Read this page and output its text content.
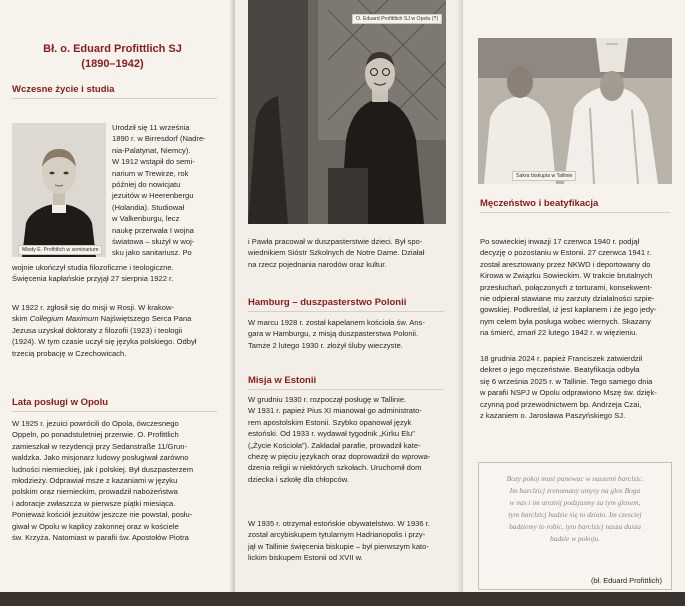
Bł. o. Eduard Profittlich SJ
(1890–1942)
Wczesne życie i studia
Młody E. Profittlich w seminarium
Urodził się 11 września
1890 r. w Birresdorf (Nadre-
nia-Palatynat, Niemcy).
W 1912 wstąpił do semi-
narium w Trewirze, rok
później do nowicjatu
jezuitów w Heerenbergu
(Holandia). Studiował
w Valkenburgu, lecz
naukę przerwała I wojna
światowa – służył w woj-
sku jako sanitariusz. Po
wojnie ukończył studia filozoficzne i teologiczne.
Święcenia kapłańskie przyjął 27 sierpnia 1922 r.
W 1922 r. zgłosił się do misji w Rosji. W krakow-
skim Collegium Maximum Najświętszego Serca Pana
Jezusa uzyskał doktoraty z filozofii (1923) i teologii
(1924). W tym czasie uczył się języka polskiego. Odbył
trzecią probację w Czechowicach.
Lata posługi w Opolu
W 1925 r. jezuici powrócili do Opola, ówczesnego
Oppeln, po ponadstuletniej przerwie. O. Profittlich
zamieszkał w rezydencji przy Sedanstraße 11/Grun-
waldzka. Jako misjonarz ludowy posługiwał zarówno
ludności niemieckiej, jak i polskiej. Był duszpasterzem
młodzieży. Odprawiał msze z kazaniami w języku
polskim oraz niemieckim, prowadził nabożeństwa
i adoracje zwłaszcza w pierwsze piątki miesiąca.
Ponieważ kościół jezuitów jeszcze nie powstał, posłu-
giwał w Opolu w kaplicy zakonnej oraz w kościele
św. Krzyża. Natomiast w parafii św. Apostołów Piotra
O. Eduard Profittlich SJ w Opolu (?)
i Pawła pracował w duszpasterstwie dzieci. Był spo-
wiednikiem Sióstr Szkolnych de Notre Dame. Działał
na rzecz pojednania narodów oraz kultur.
Hamburg – duszpasterstwo Polonii
W marcu 1928 r. został kapelanem kościoła św. Ans-
gara w Hamburgu, z misją duszpasterstwa Polonii.
Tamże 2 lutego 1930 r. złożył śluby wieczyste.
Misja w Estonii
W grudniu 1930 r. rozpoczął posługę w Tallinie.
W 1931 r. papież Pius XI mianował go administrato-
rem apostolskim Estonii. Szybko opanował język
estoński. Od 1933 r. wydawał tygodnik „Kirku Elu”
(„Życie Kościoła”). Zakładał parafie, prowadził kate-
chezę w pięciu językach oraz doprowadził do wprowa-
dzenia religii w niektórych szkołach. Uruchomił dom
dziecka i szkołę dla chłopców.
W 1935 r. otrzymał estońskie obywatelstwo. W 1936 r.
został arcybiskupem tytularnym Hadrianopolis i przy-
jął w Tallinie święcenia biskupie – był pierwszym kato-
lickim biskupem Estonii od XVII w.
Sakra biskupia w Tallinie
Męczeństwo i beatyfikacja
Po sowieckiej inwazji 17 czerwca 1940 r. podjął
decyzję o pozostaniu w Estonii. 27 czerwca 1941 r.
został aresztowany przez NKWD i deportowany do
Kirowa w Związku Sowieckim. W trakcie brutalnych
przesłuchań, połączonych z torturami, konsekwent-
nie odpierał stawiane mu zarzuty działalności szpie-
gowskiej. Podkreślał, iż jest kapłanem i że jego jedy-
nym celem była posługa wobec wiernych. Skazany
na śmierć, zmarł 22 lutego 1942 r. w więzieniu.
18 grudnia 2024 r. papież Franciszek zatwierdził
dekret o jego męczeństwie. Beatyfikacja odbyła
się 6 września 2025 r. w Tallinie. Tego samego dnia
w parafii NSPJ w Opolu odprawiono Mszę św. dzięk-
czynną pod przewodnictwem bp. Andrzeja Czai,
z kazaniem o. Jarosława Paszyńskiego SJ.
Bozy pokoj musi panowac w naszemi barclzic.
Im barclzicj zrenumany umysy na glos Boga
w nas i im ureznij podzjasmy za tym glosem,
tym barclzicj badzie się to dziato. Im czesciej
badziemy to robic, tym barclzicj nasza dusza
badzie w pokoju.
(bł. Eduard Profittlich)
